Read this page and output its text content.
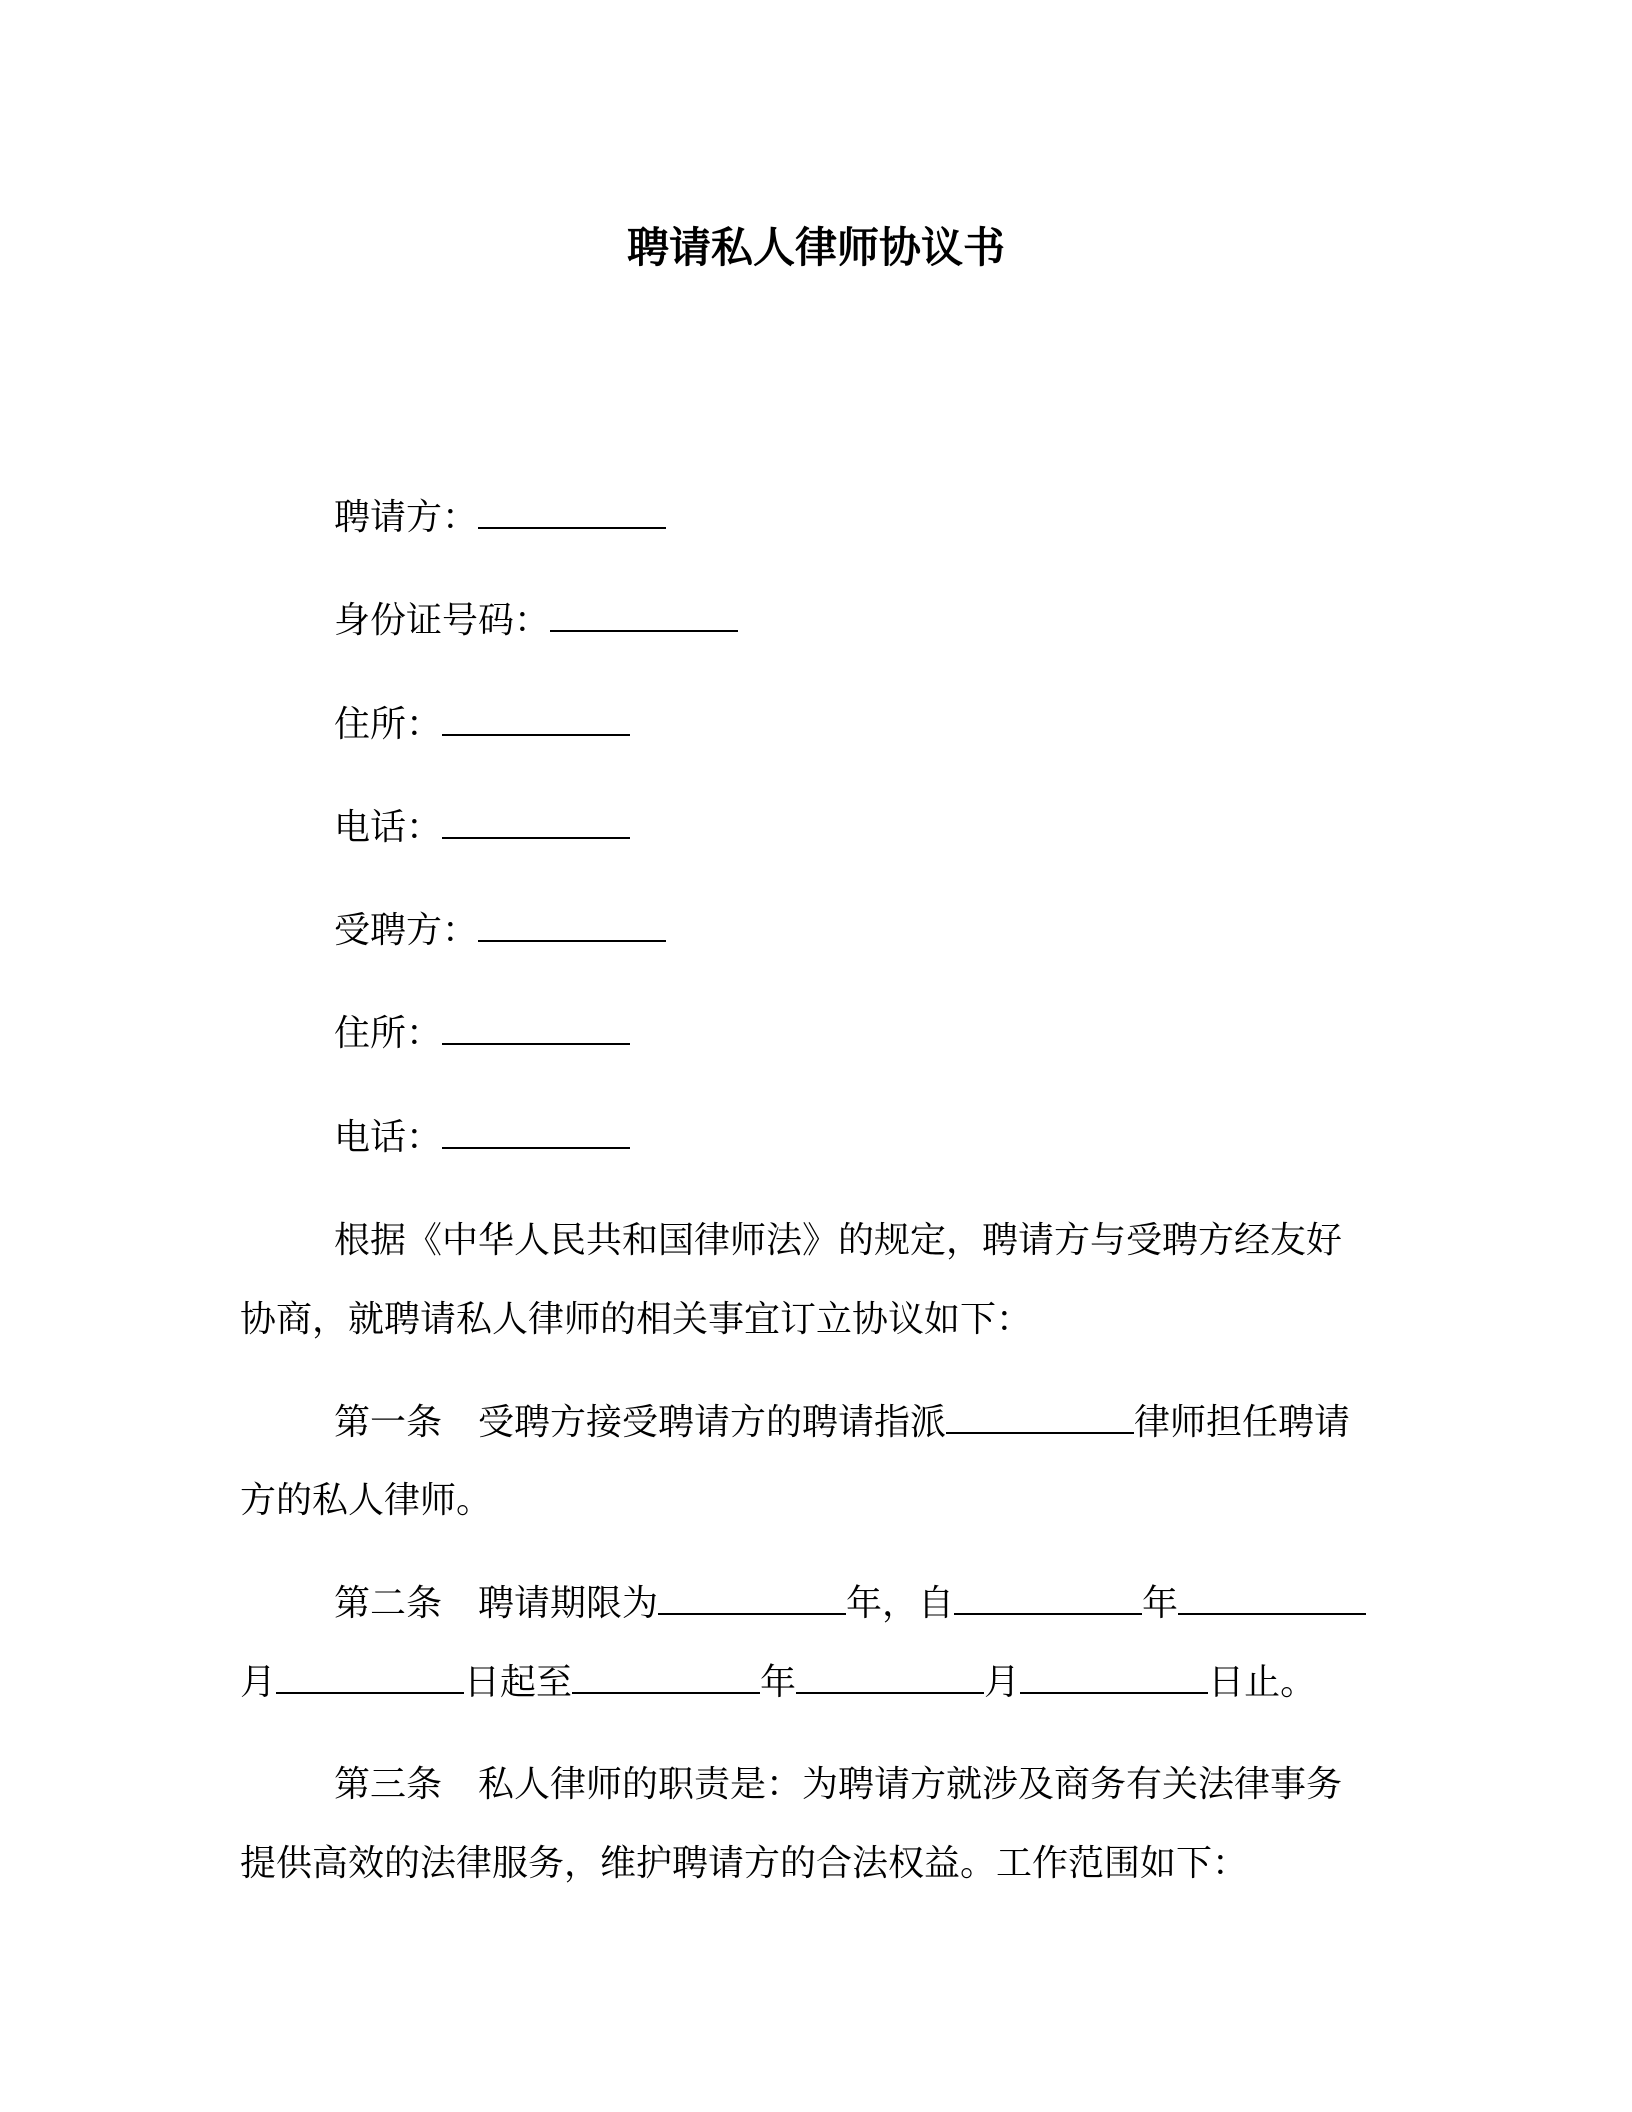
聘请私人律师协议书
聘请方：
身份证号码：
住所：
电话：
受聘方：
住所：
电话：
根据《中华人民共和国律师法》的规定，聘请方与受聘方经友好
协商，就聘请私人律师的相关事宜订立协议如下：
第一条 受聘方接受聘请方的聘请指派	律师担任聘请
方的私人律师。
第二条 聘请期限为	年，自	年
月	日起至	年	月	日止。
第三条 私人律师的职责是：为聘请方就涉及商务有关法律事务
提供高效的法律服务，维护聘请方的合法权益。工作范围如下：
